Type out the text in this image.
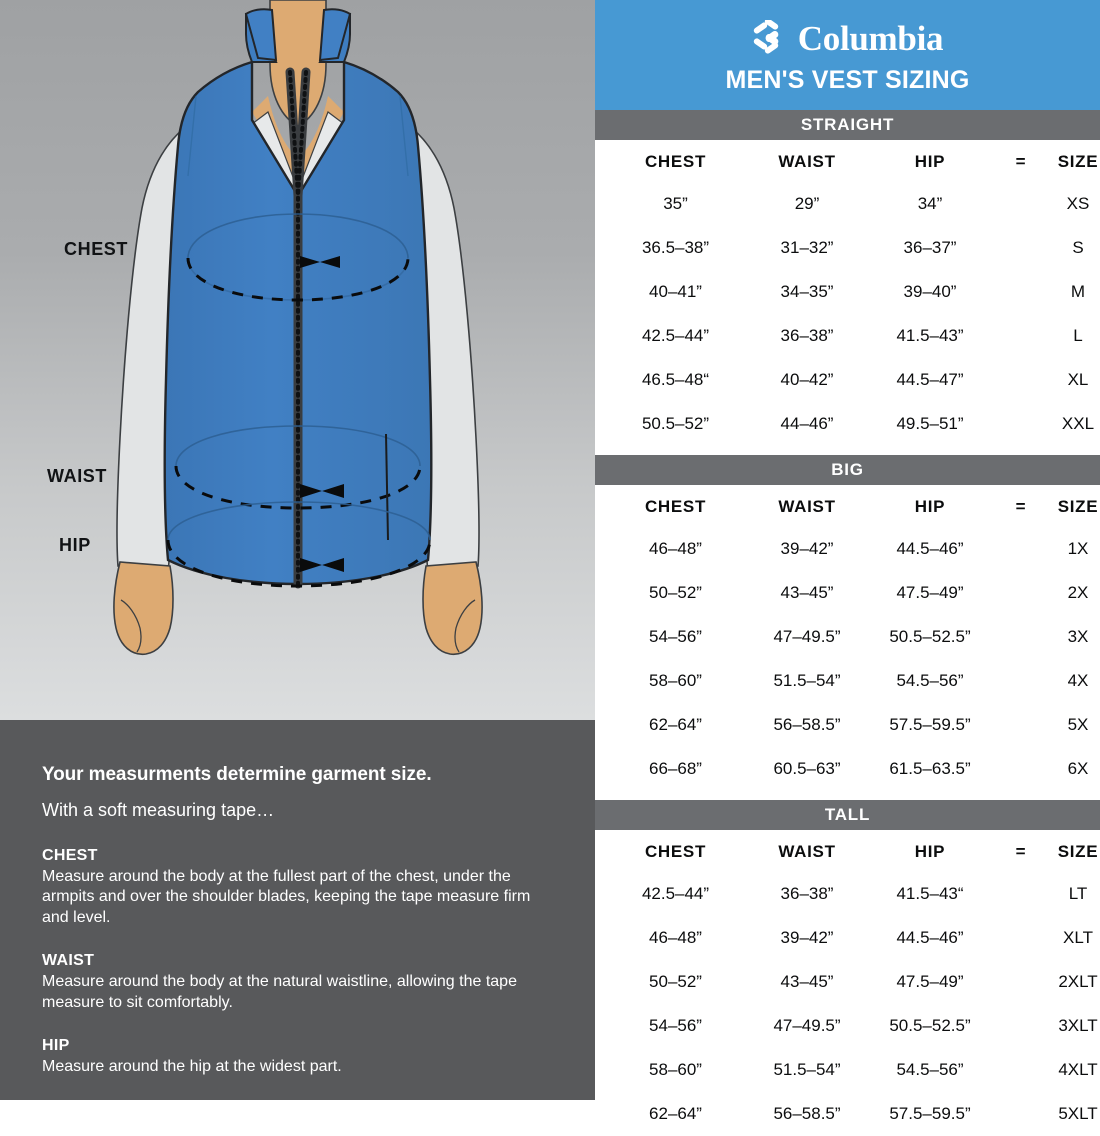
CHEST
WAIST
HIP
Your measurments determine garment size.
With a soft measuring tape…
CHEST
Measure around the body at the fullest part of the chest, under the armpits and over the shoulder blades, keeping the tape measure firm and level.
WAIST
Measure around the body at the natural waistline, allowing the tape measure to sit comfortably.
HIP
Measure around the hip at the widest part.
Columbia
MEN'S VEST SIZING
STRAIGHT
CHEST	WAIST	HIP	=	SIZE
35”	29”	34”		XS
36.5–38”	31–32”	36–37”		S
40–41”	34–35”	39–40”		M
42.5–44”	36–38”	41.5–43”		L
46.5–48“	40–42”	44.5–47”		XL
50.5–52”	44–46”	49.5–51”		XXL
BIG
CHEST	WAIST	HIP	=	SIZE
46–48”	39–42”	44.5–46”		1X
50–52”	43–45”	47.5–49”		2X
54–56”	47–49.5”	50.5–52.5”		3X
58–60”	51.5–54”	54.5–56”		4X
62–64”	56–58.5”	57.5–59.5”		5X
66–68”	60.5–63”	61.5–63.5”		6X
TALL
CHEST	WAIST	HIP	=	SIZE
42.5–44”	36–38”	41.5–43“		LT
46–48”	39–42”	44.5–46”		XLT
50–52”	43–45”	47.5–49”		2XLT
54–56”	47–49.5”	50.5–52.5”		3XLT
58–60”	51.5–54”	54.5–56”		4XLT
62–64”	56–58.5”	57.5–59.5”		5XLT
